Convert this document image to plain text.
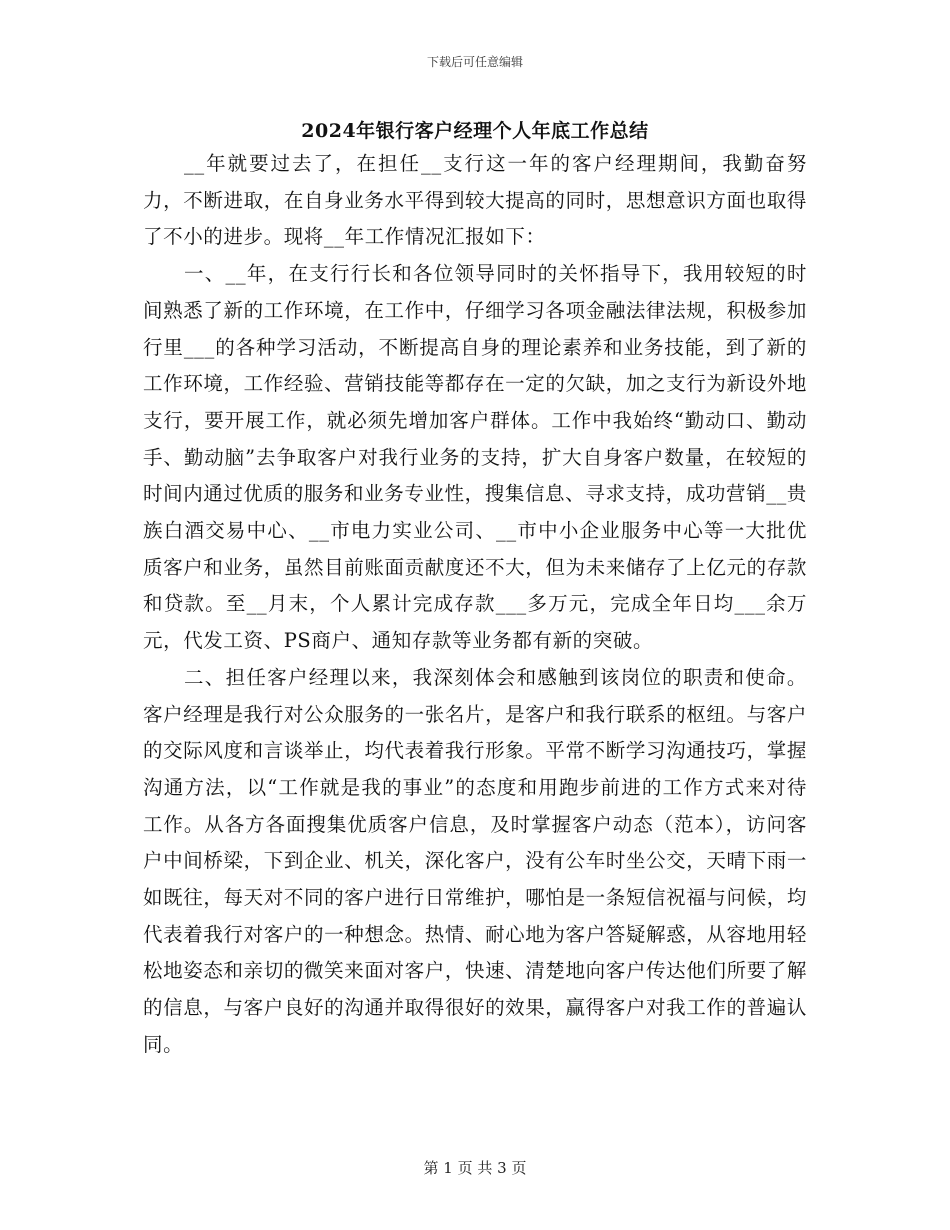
下载后可任意编辑
2024年银行客户经理个人年底工作总结

__年就要过去了，在担任__支行这一年的客户经理期间，我勤奋努力，不断进取，在自身业务水平得到较大提高的同时，思想意识方面也取得了不小的进步。现将__年工作情况汇报如下：

一、__年，在支行行长和各位领导同时的关怀指导下，我用较短的时间熟悉了新的工作环境，在工作中，仔细学习各项金融法律法规，积极参加行里___的各种学习活动，不断提高自身的理论素养和业务技能，到了新的工作环境，工作经验、营销技能等都存在一定的欠缺，加之支行为新设外地支行，要开展工作，就必须先增加客户群体。工作中我始终“勤动口、勤动手、勤动脑”去争取客户对我行业务的支持，扩大自身客户数量，在较短的时间内通过优质的服务和业务专业性，搜集信息、寻求支持，成功营销__贵族白酒交易中心、__市电力实业公司、__市中小企业服务中心等一大批优质客户和业务，虽然目前账面贡献度还不大，但为未来储存了上亿元的存款和贷款。至__月末，个人累计完成存款___多万元，完成全年日均___余万元，代发工资、PS商户、通知存款等业务都有新的突破。

二、担任客户经理以来，我深刻体会和感触到该岗位的职责和使命。客户经理是我行对公众服务的一张名片，是客户和我行联系的枢纽。与客户的交际风度和言谈举止，均代表着我行形象。平常不断学习沟通技巧，掌握沟通方法，以“工作就是我的事业”的态度和用跑步前进的工作方式来对待工作。从各方各面搜集优质客户信息，及时掌握客户动态（范本），访问客户中间桥梁，下到企业、机关，深化客户，没有公车时坐公交，天晴下雨一如既往，每天对不同的客户进行日常维护，哪怕是一条短信祝福与问候，均代表着我行对客户的一种想念。热情、耐心地为客户答疑解惑，从容地用轻松地姿态和亲切的微笑来面对客户，快速、清楚地向客户传达他们所要了解的信息，与客户良好的沟通并取得很好的效果，赢得客户对我工作的普遍认同。

第 1 页 共 3 页
